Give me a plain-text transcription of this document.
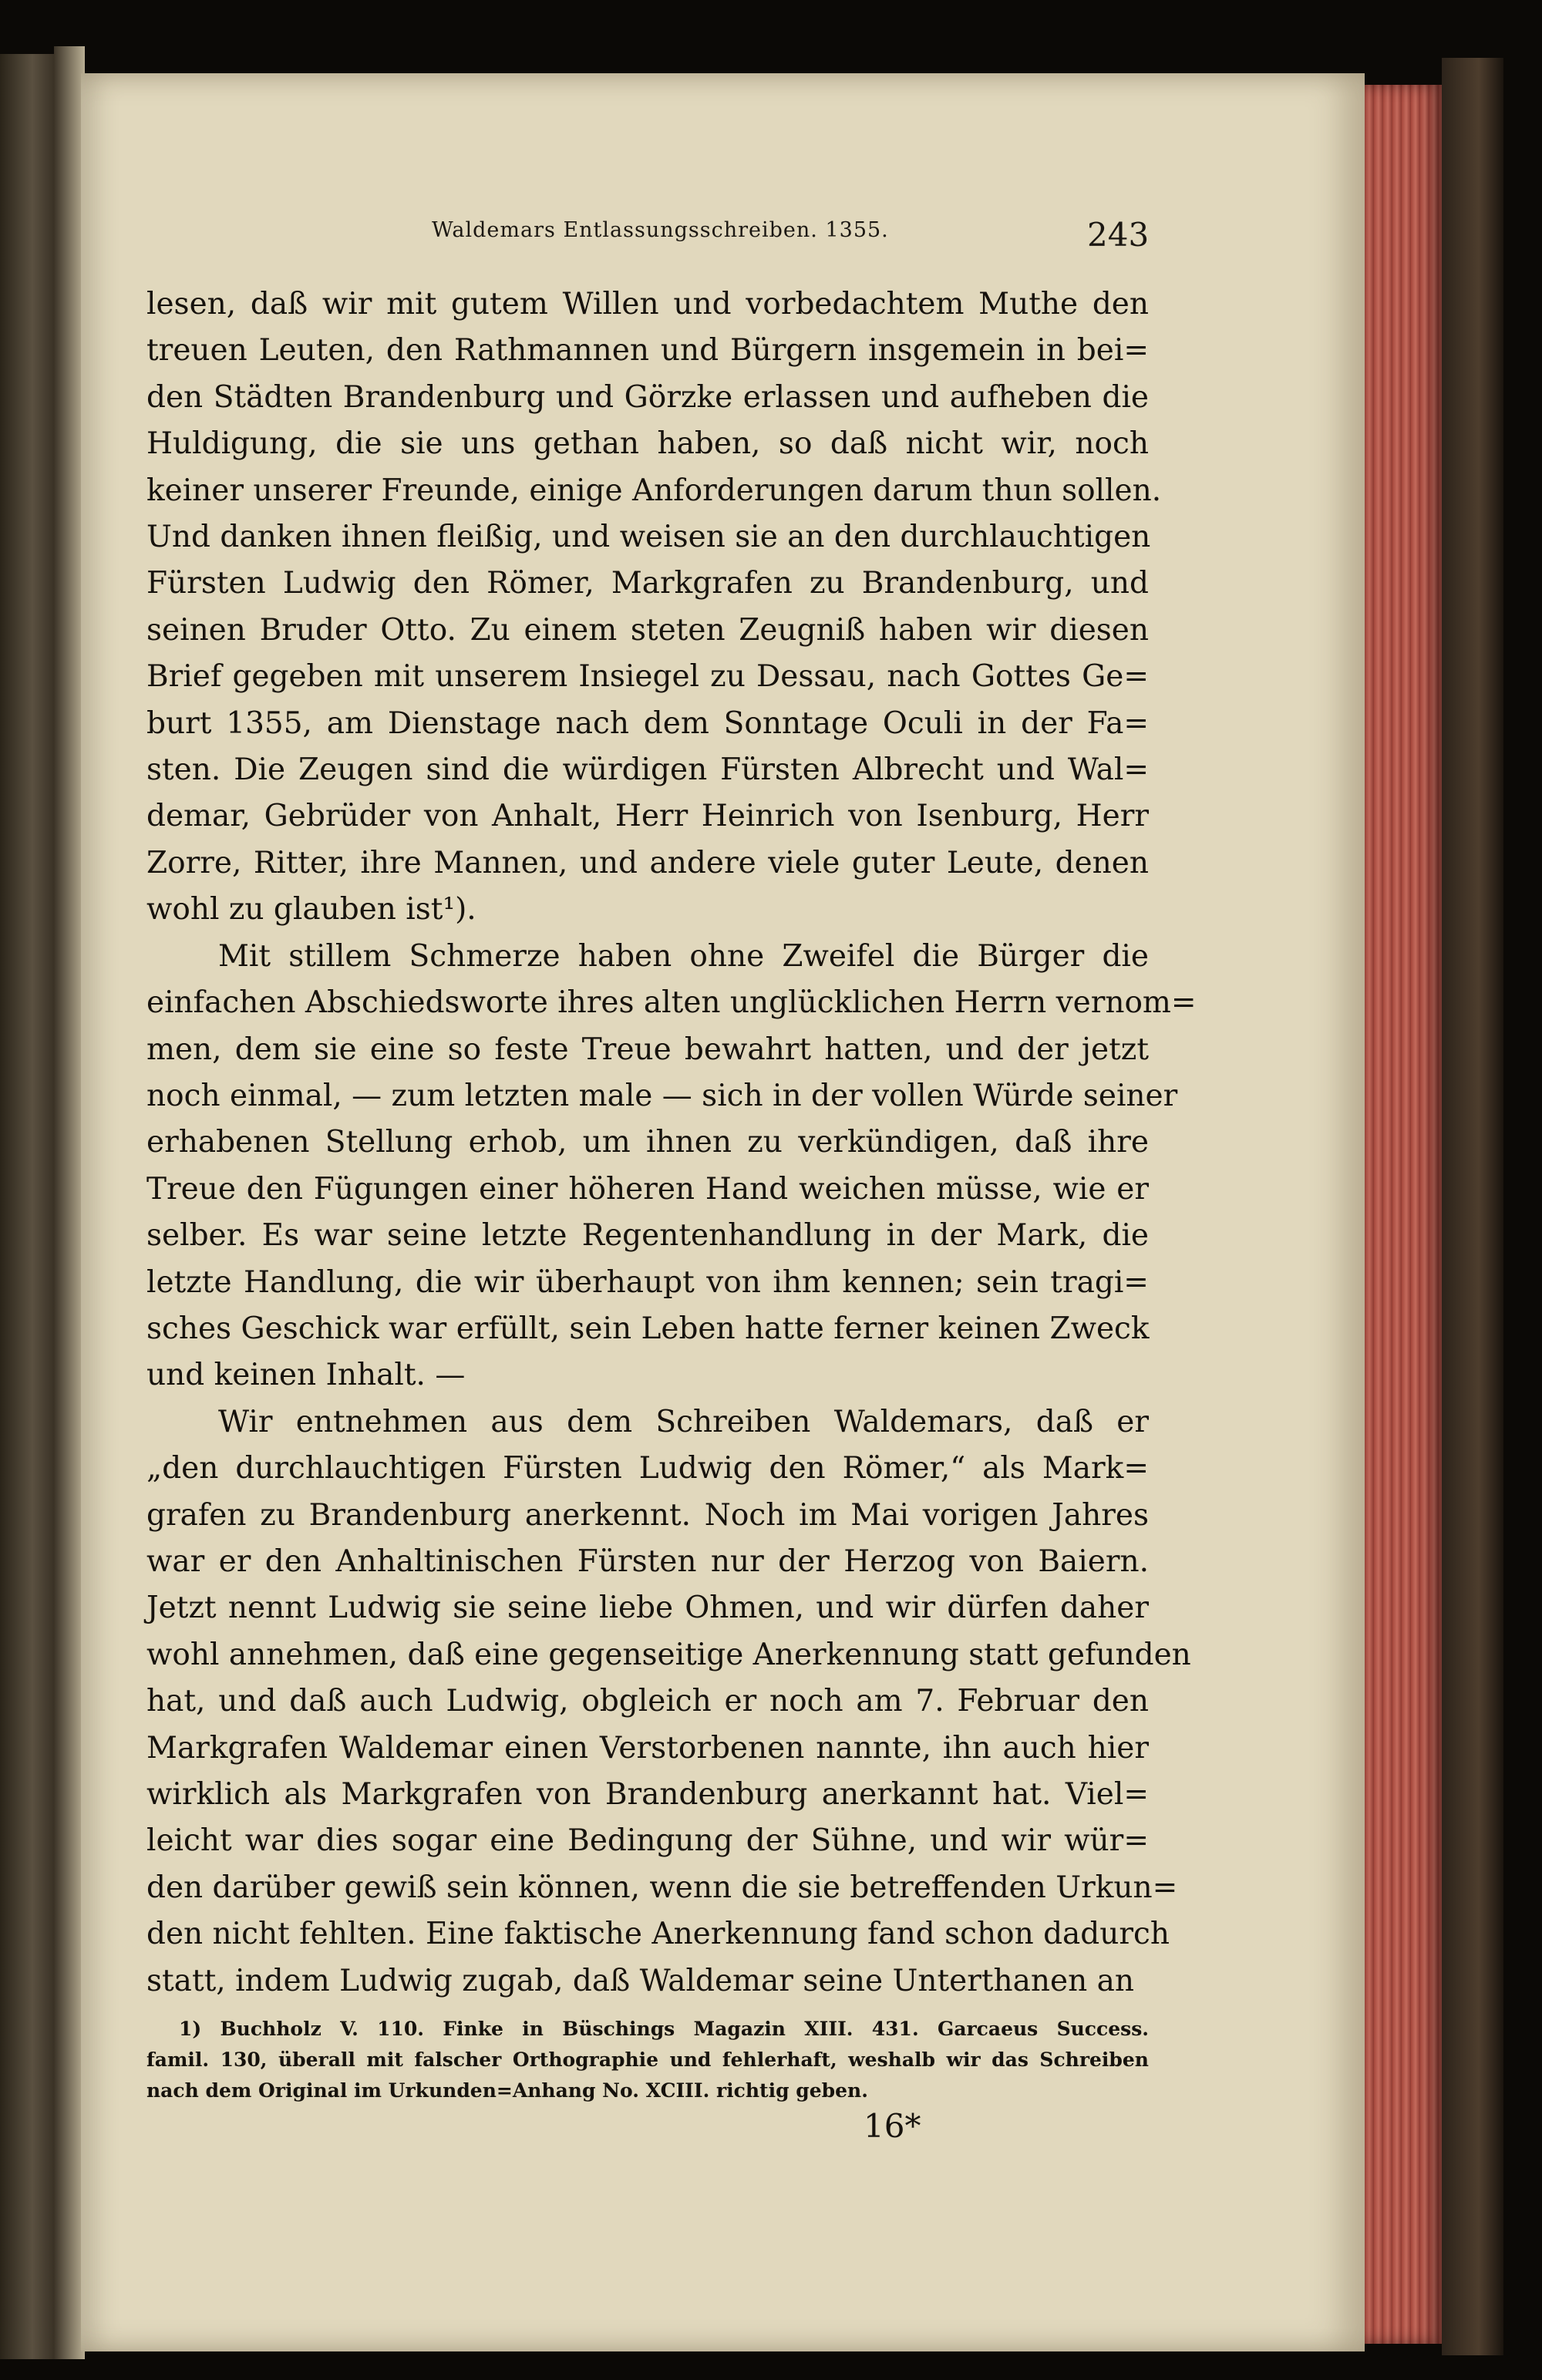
Waldemars Entlassungsschreiben. 1355.	243
lesen, daß wir mit gutem Willen und vorbedachtem Muthe den
treuen Leuten, den Rathmannen und Bürgern insgemein in bei=
den Städten Brandenburg und Görzke erlassen und aufheben die
Huldigung, die sie uns gethan haben, so daß nicht wir, noch
keiner unserer Freunde, einige Anforderungen darum thun sollen.
Und danken ihnen fleißig, und weisen sie an den durchlauchtigen
Fürsten Ludwig den Römer, Markgrafen zu Brandenburg, und
seinen Bruder Otto. Zu einem steten Zeugniß haben wir diesen
Brief gegeben mit unserem Insiegel zu Dessau, nach Gottes Ge=
burt 1355, am Dienstage nach dem Sonntage Oculi in der Fa=
sten. Die Zeugen sind die würdigen Fürsten Albrecht und Wal=
demar, Gebrüder von Anhalt, Herr Heinrich von Isenburg, Herr
Zorre, Ritter, ihre Mannen, und andere viele guter Leute, denen
wohl zu glauben ist¹).
Mit stillem Schmerze haben ohne Zweifel die Bürger die
einfachen Abschiedsworte ihres alten unglücklichen Herrn vernom=
men, dem sie eine so feste Treue bewahrt hatten, und der jetzt
noch einmal, — zum letzten male — sich in der vollen Würde seiner
erhabenen Stellung erhob, um ihnen zu verkündigen, daß ihre
Treue den Fügungen einer höheren Hand weichen müsse, wie er
selber. Es war seine letzte Regentenhandlung in der Mark, die
letzte Handlung, die wir überhaupt von ihm kennen; sein tragi=
sches Geschick war erfüllt, sein Leben hatte ferner keinen Zweck
und keinen Inhalt. —
Wir entnehmen aus dem Schreiben Waldemars, daß er
„den durchlauchtigen Fürsten Ludwig den Römer,“ als Mark=
grafen zu Brandenburg anerkennt. Noch im Mai vorigen Jahres
war er den Anhaltinischen Fürsten nur der Herzog von Baiern.
Jetzt nennt Ludwig sie seine liebe Ohmen, und wir dürfen daher
wohl annehmen, daß eine gegenseitige Anerkennung statt gefunden
hat, und daß auch Ludwig, obgleich er noch am 7. Februar den
Markgrafen Waldemar einen Verstorbenen nannte, ihn auch hier
wirklich als Markgrafen von Brandenburg anerkannt hat. Viel=
leicht war dies sogar eine Bedingung der Sühne, und wir wür=
den darüber gewiß sein können, wenn die sie betreffenden Urkun=
den nicht fehlten. Eine faktische Anerkennung fand schon dadurch
statt, indem Ludwig zugab, daß Waldemar seine Unterthanen an
1) Buchholz V. 110. Finke in Büschings Magazin XIII. 431. Garcaeus Success.
famil. 130, überall mit falscher Orthographie und fehlerhaft, weshalb wir das Schreiben
nach dem Original im Urkunden=Anhang No. XCIII. richtig geben.
16*
